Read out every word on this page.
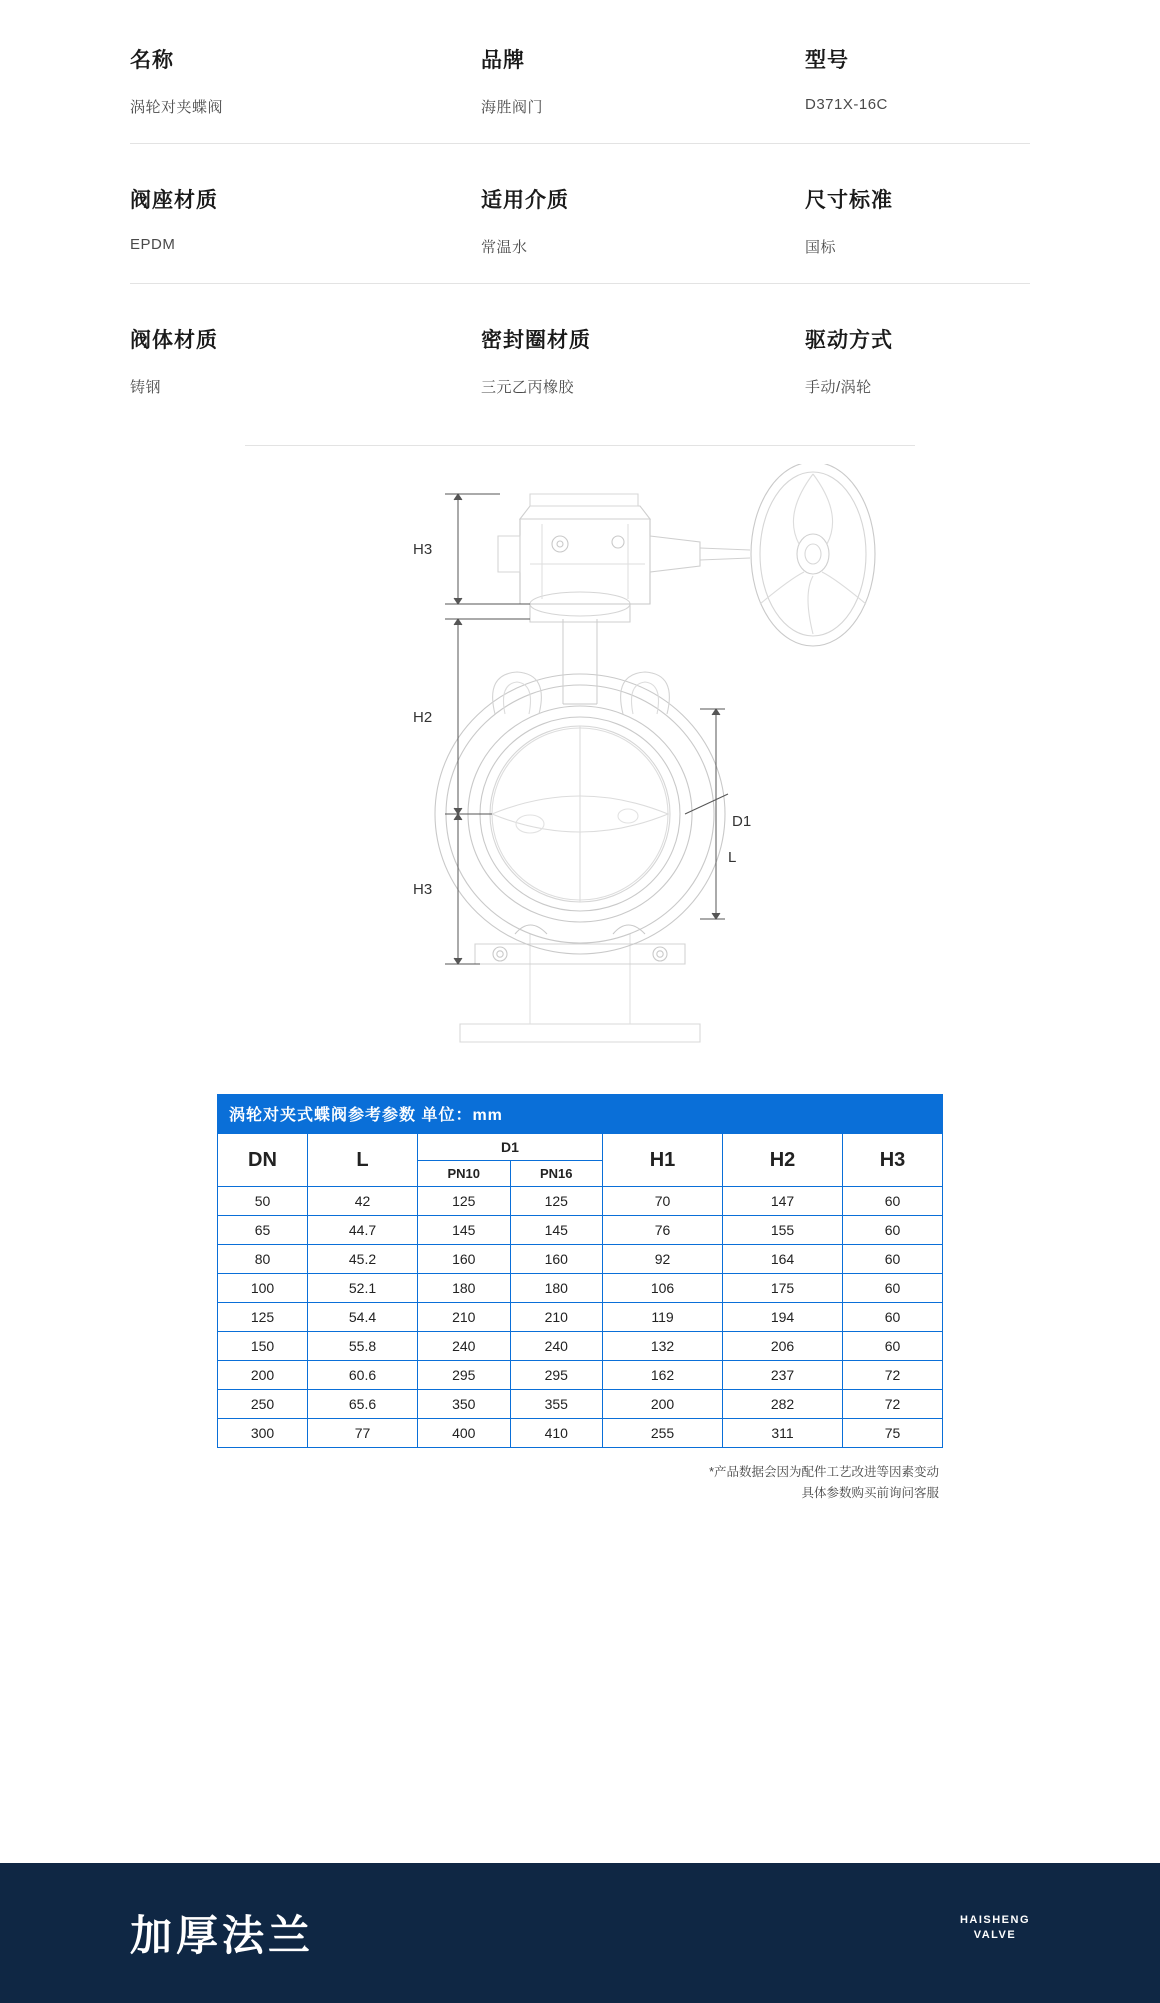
名称
涡轮对夹蝶阀
品牌
海胜阀门
型号
D371X-16C
阀座材质
EPDM
适用介质
常温水
尺寸标准
国标
阀体材质
铸钢
密封圈材质
三元乙丙橡胶
驱动方式
手动/涡轮
H3
H2
H3
D1
L
涡轮对夹式蝶阀参考参数 单位：mm
DN	L	D1		H1	H2	H3
		PN10	PN16			
50	42	125	125	70	147	60
65	44.7	145	145	76	155	60
80	45.2	160	160	92	164	60
100	52.1	180	180	106	175	60
125	54.4	210	210	119	194	60
150	55.8	240	240	132	206	60
200	60.6	295	295	162	237	72
250	65.6	350	355	200	282	72
300	77	400	410	255	311	75
*产品数据会因为配件工艺改进等因素变动
具体参数购买前询问客服
加厚法兰	HAISHENG
VALVE
